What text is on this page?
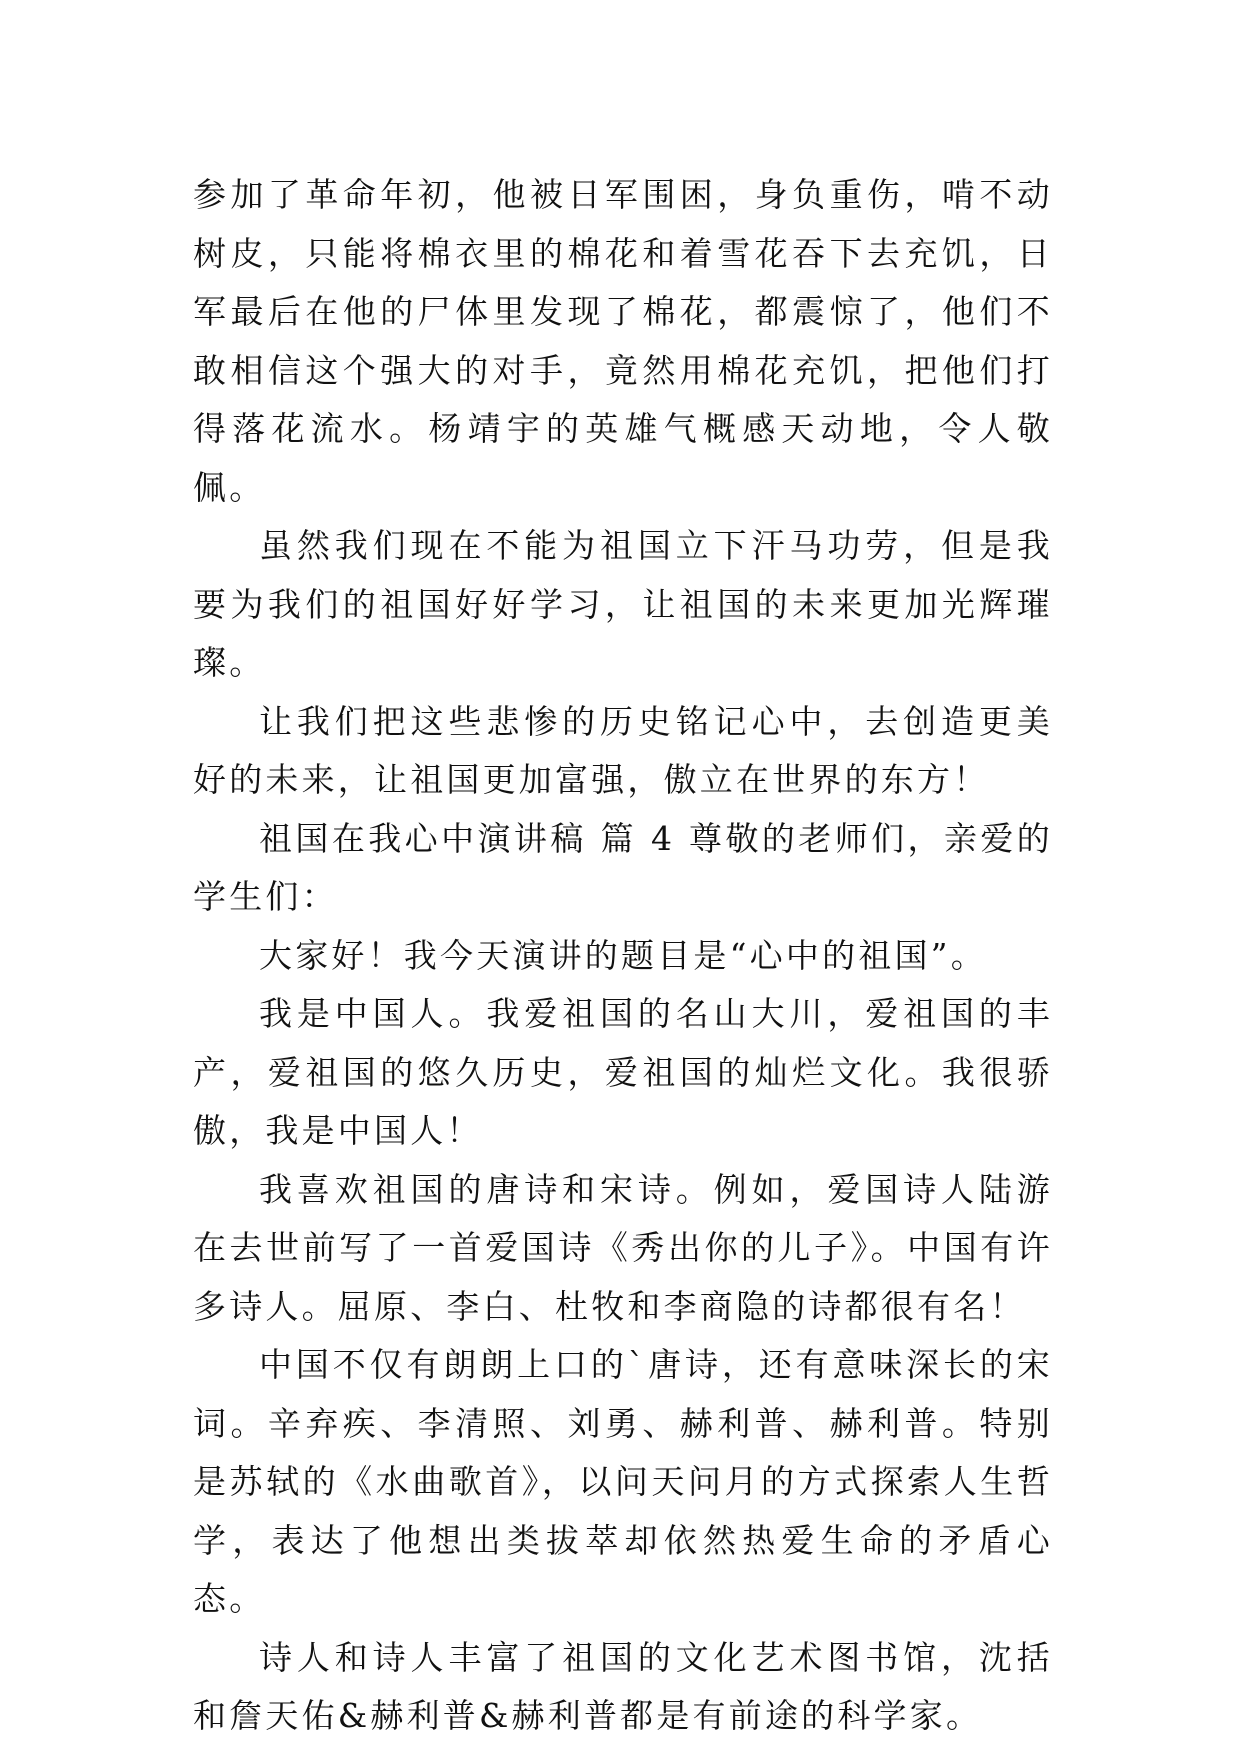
参加了革命年初，他被日军围困，身负重伤，啃不动树皮，只能将棉衣里的棉花和着雪花吞下去充饥，日军最后在他的尸体里发现了棉花，都震惊了，他们不敢相信这个强大的对手，竟然用棉花充饥，把他们打得落花流水。杨靖宇的英雄气概感天动地，令人敬佩。

虽然我们现在不能为祖国立下汗马功劳，但是我要为我们的祖国好好学习，让祖国的未来更加光辉璀璨。

让我们把这些悲惨的历史铭记心中，去创造更美好的未来，让祖国更加富强，傲立在世界的东方！

祖国在我心中演讲稿 篇 4 尊敬的老师们，亲爱的学生们：

大家好！我今天演讲的题目是“心中的祖国”。

我是中国人。我爱祖国的名山大川，爱祖国的丰产，爱祖国的悠久历史，爱祖国的灿烂文化。我很骄傲，我是中国人！

我喜欢祖国的唐诗和宋诗。例如，爱国诗人陆游在去世前写了一首爱国诗《秀出你的儿子》。中国有许多诗人。屈原、李白、杜牧和李商隐的诗都很有名！

中国不仅有朗朗上口的`唐诗，还有意味深长的宋词。辛弃疾、李清照、刘勇、赫利普、赫利普。特别是苏轼的《水曲歌首》，以问天问月的方式探索人生哲学，表达了他想出类拔萃却依然热爱生命的矛盾心态。

诗人和诗人丰富了祖国的文化艺术图书馆，沈括和詹天佑&赫利普&赫利普都是有前途的科学家。
